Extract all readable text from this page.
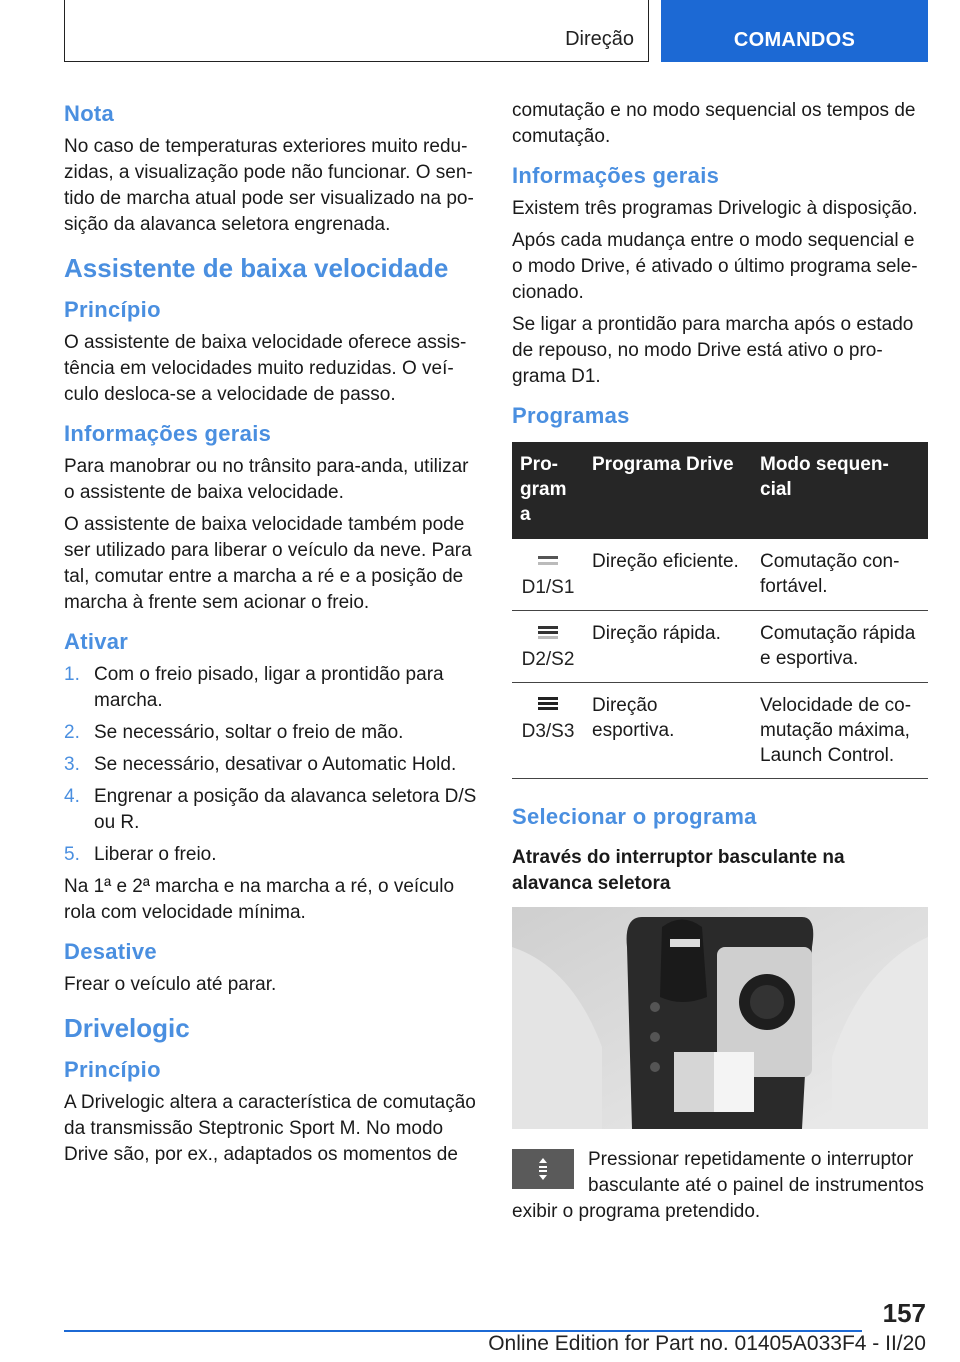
Direção	COMANDOS
Nota

No caso de temperaturas exteriores muito redu-zidas, a visualização pode não funcionar. O sen-tido de marcha atual pode ser visualizado na po-sição da alavanca seletora engrenada.

Assistente de baixa velocidade
Princípio

O assistente de baixa velocidade oferece assis-tência em velocidades muito reduzidas. O veí-culo desloca-se a velocidade de passo.

Informações gerais

Para manobrar ou no trânsito para-anda, utilizar o assistente de baixa velocidade.

O assistente de baixa velocidade também pode ser utilizado para liberar o veículo da neve. Para tal, comutar entre a marcha a ré e a posição de marcha à frente sem acionar o freio.

Ativar
1. Com o freio pisado, ligar a prontidão para marcha.
2. Se necessário, soltar o freio de mão.
3. Se necessário, desativar o Automatic Hold.
4. Engrenar a posição da alavanca seletora D/S ou R.
5. Liberar o freio.

Na 1ª e 2ª marcha e na marcha a ré, o veículo rola com velocidade mínima.

Desative

Frear o veículo até parar.

Drivelogic
Princípio

A Drivelogic altera a característica de comutação da transmissão Steptronic Sport M. No modo Drive são, por ex., adaptados os momentos de

comutação e no modo sequencial os tempos de comutação.

Informações gerais

Existem três programas Drivelogic à disposição.

Após cada mudança entre o modo sequencial e o modo Drive, é ativado o último programa sele-cionado.

Se ligar a prontidão para marcha após o estado de repouso, no modo Drive está ativo o pro-grama D1.

Programas
Pro-gram a	Programa Drive	Modo sequen-cial

D1/S1	Direção eficiente.	Comutação con-fortável.

D2/S2	Direção rápida.	Comutação rápida e esportiva.

D3/S3	Direção esportiva.	Velocidade de co-mutação máxima, Launch Control.
Selecionar o programa
Através do interruptor basculante na alavanca seletora

Pressionar repetidamente o interruptor basculante até o painel de instrumentos exibir o programa pretendido.

157
Online Edition for Part no. 01405A033F4 - II/20
